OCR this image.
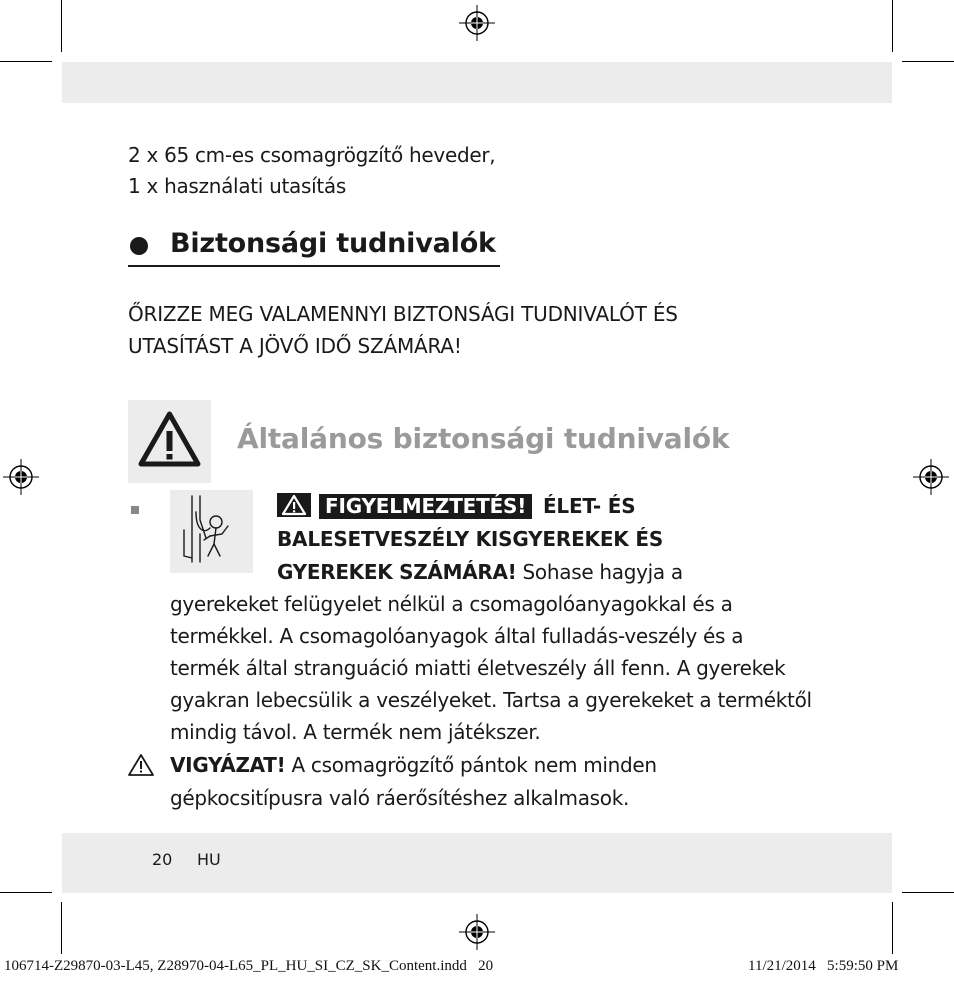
2 x 65 cm-es csomagrögzítő heveder,
1 x használati utasítás
Biztonsági tudnivalók
ŐRIZZE MEG VALAMENNYI BIZTONSÁGI TUDNIVALÓT ÉS
UTASÍTÁST A JÖVŐ IDŐ SZÁMÁRA!
Általános biztonsági tudnivalók
FIGYELMEZTETÉS! ÉLET- ÉS
BALESETVESZÉLY KISGYEREKEK ÉS
GYEREKEK SZÁMÁRA! Sohase hagyja a
gyerekeket felügyelet nélkül a csomagolóanyagokkal és a
termékkel. A csomagolóanyagok által fulladás-veszély és a
termék által stranguáció miatti életveszély áll fenn. A gyerekek
gyakran lebecsülik a veszélyeket. Tartsa a gyerekeket a terméktől
mindig távol. A termék nem játékszer.
VIGYÁZAT! A csomagrögzítő pántok nem minden
gépkocsitípusra való ráerősítéshez alkalmasok.
20 HU
106714-Z29870-03-L45, Z28970-04-L65_PL_HU_SI_CZ_SK_Content.indd   20	11/21/2014   5:59:50 PM
